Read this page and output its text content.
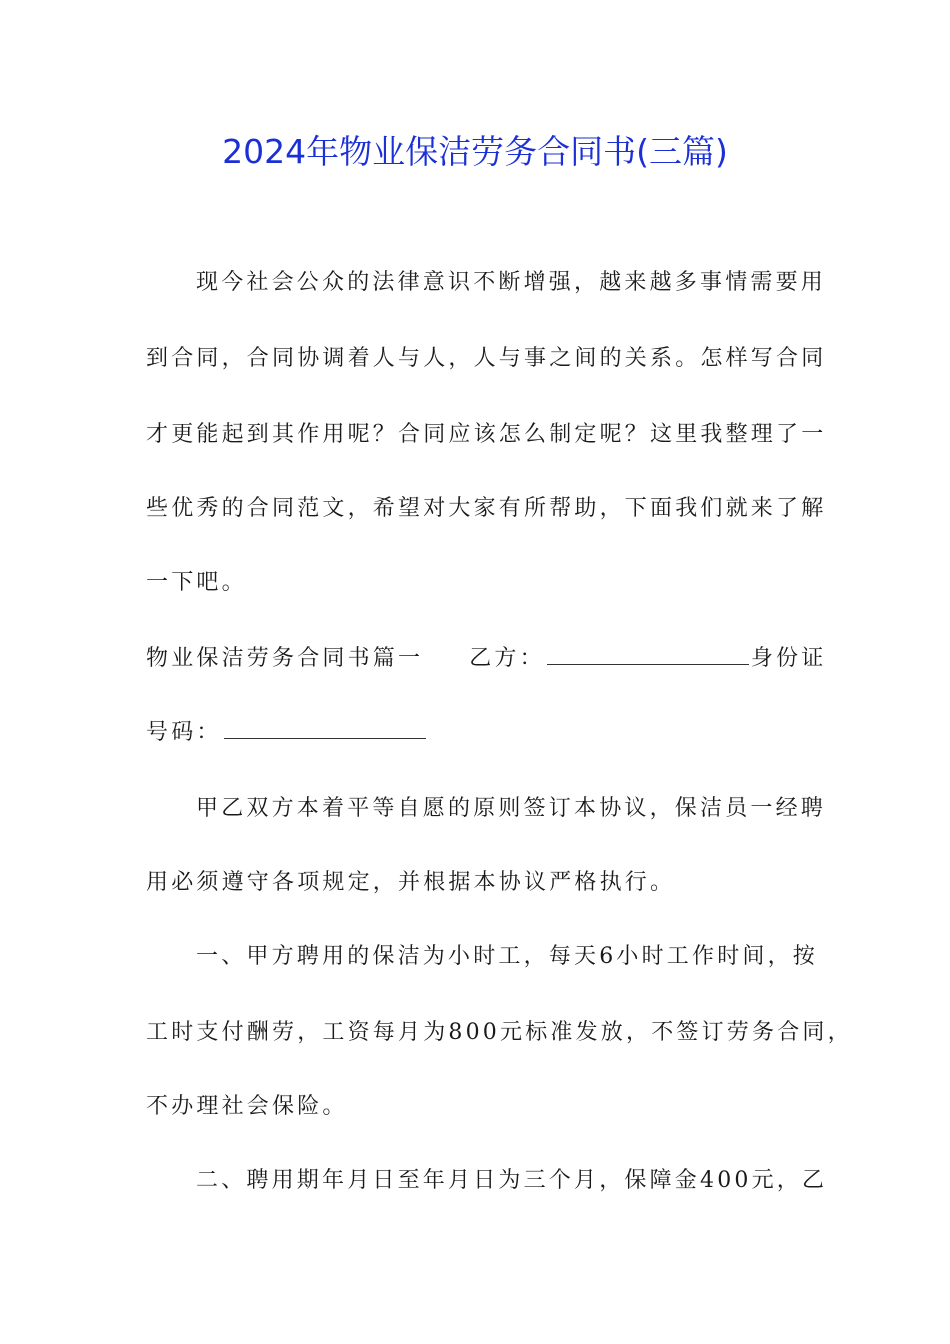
2024年物业保洁劳务合同书(三篇)
现今社会公众的法律意识不断增强，越来越多事情需要用
到合同，合同协调着人与人，人与事之间的关系。怎样写合同
才更能起到其作用呢？合同应该怎么制定呢？这里我整理了一
些优秀的合同范文，希望对大家有所帮助，下面我们就来了解
一下吧。
物业保洁劳务合同书篇一 乙方：	身份证
号码：
甲乙双方本着平等自愿的原则签订本协议，保洁员一经聘
用必须遵守各项规定，并根据本协议严格执行。
一、甲方聘用的保洁为小时工，每天6小时工作时间，按
工时支付酬劳，工资每月为800元标准发放，不签订劳务合同，
不办理社会保险。
二、聘用期年月日至年月日为三个月，保障金400元，乙
